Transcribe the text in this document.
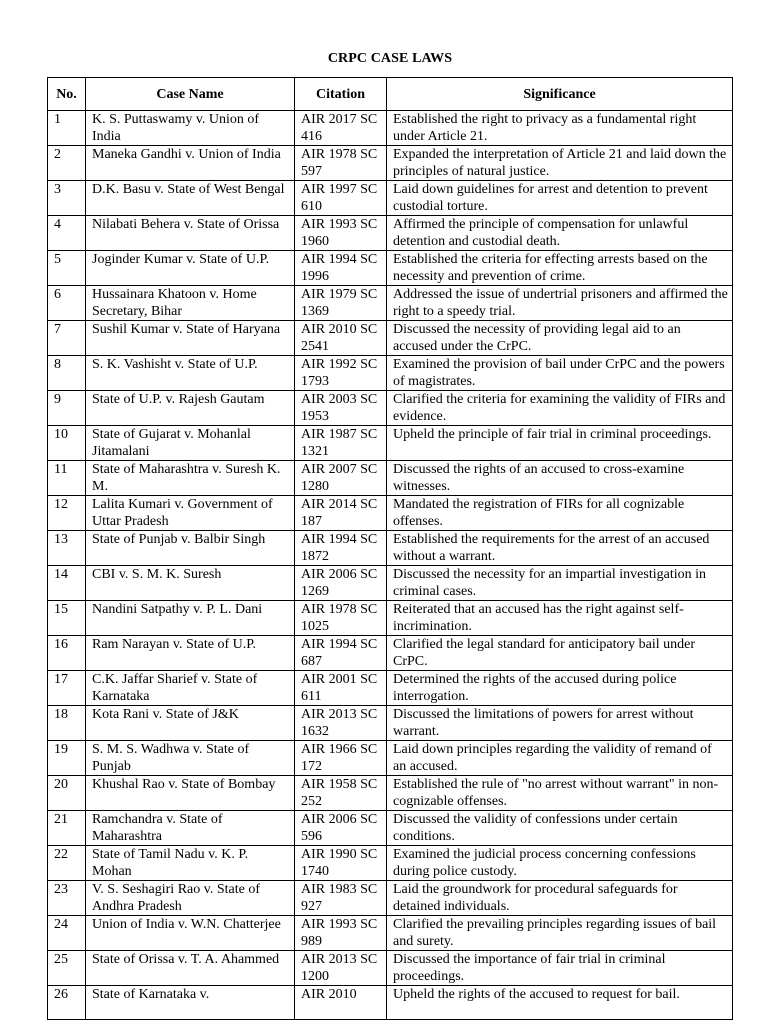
CRPC CASE LAWS
No.	Case Name	Citation	Significance
1	K. S. Puttaswamy v. Union of India	AIR 2017 SC 416	Established the right to privacy as a fundamental right under Article 21.
2	Maneka Gandhi v. Union of India	AIR 1978 SC 597	Expanded the interpretation of Article 21 and laid down the principles of natural justice.
3	D.K. Basu v. State of West Bengal	AIR 1997 SC 610	Laid down guidelines for arrest and detention to prevent custodial torture.
4	Nilabati Behera v. State of Orissa	AIR 1993 SC 1960	Affirmed the principle of compensation for unlawful detention and custodial death.
5	Joginder Kumar v. State of U.P.	AIR 1994 SC 1996	Established the criteria for effecting arrests based on the necessity and prevention of crime.
6	Hussainara Khatoon v. Home Secretary, Bihar	AIR 1979 SC 1369	Addressed the issue of undertrial prisoners and affirmed the right to a speedy trial.
7	Sushil Kumar v. State of Haryana	AIR 2010 SC 2541	Discussed the necessity of providing legal aid to an accused under the CrPC.
8	S. K. Vashisht v. State of U.P.	AIR 1992 SC 1793	Examined the provision of bail under CrPC and the powers of magistrates.
9	State of U.P. v. Rajesh Gautam	AIR 2003 SC 1953	Clarified the criteria for examining the validity of FIRs and evidence.
10	State of Gujarat v. Mohanlal Jitamalani	AIR 1987 SC 1321	Upheld the principle of fair trial in criminal proceedings.
11	State of Maharashtra v. Suresh K. M.	AIR 2007 SC 1280	Discussed the rights of an accused to cross-examine witnesses.
12	Lalita Kumari v. Government of Uttar Pradesh	AIR 2014 SC 187	Mandated the registration of FIRs for all cognizable offenses.
13	State of Punjab v. Balbir Singh	AIR 1994 SC 1872	Established the requirements for the arrest of an accused without a warrant.
14	CBI v. S. M. K. Suresh	AIR 2006 SC 1269	Discussed the necessity for an impartial investigation in criminal cases.
15	Nandini Satpathy v. P. L. Dani	AIR 1978 SC 1025	Reiterated that an accused has the right against self-incrimination.
16	Ram Narayan v. State of U.P.	AIR 1994 SC 687	Clarified the legal standard for anticipatory bail under CrPC.
17	C.K. Jaffar Sharief v. State of Karnataka	AIR 2001 SC 611	Determined the rights of the accused during police interrogation.
18	Kota Rani v. State of J&K	AIR 2013 SC 1632	Discussed the limitations of powers for arrest without warrant.
19	S. M. S. Wadhwa v. State of Punjab	AIR 1966 SC 172	Laid down principles regarding the validity of remand of an accused.
20	Khushal Rao v. State of Bombay	AIR 1958 SC 252	Established the rule of "no arrest without warrant" in non-cognizable offenses.
21	Ramchandra v. State of Maharashtra	AIR 2006 SC 596	Discussed the validity of confessions under certain conditions.
22	State of Tamil Nadu v. K. P. Mohan	AIR 1990 SC 1740	Examined the judicial process concerning confessions during police custody.
23	V. S. Seshagiri Rao v. State of Andhra Pradesh	AIR 1983 SC 927	Laid the groundwork for procedural safeguards for detained individuals.
24	Union of India v. W.N. Chatterjee	AIR 1993 SC 989	Clarified the prevailing principles regarding issues of bail and surety.
25	State of Orissa v. T. A. Ahammed	AIR 2013 SC 1200	Discussed the importance of fair trial in criminal proceedings.
26	State of Karnataka v.	AIR 2010	Upheld the rights of the accused to request for bail.
